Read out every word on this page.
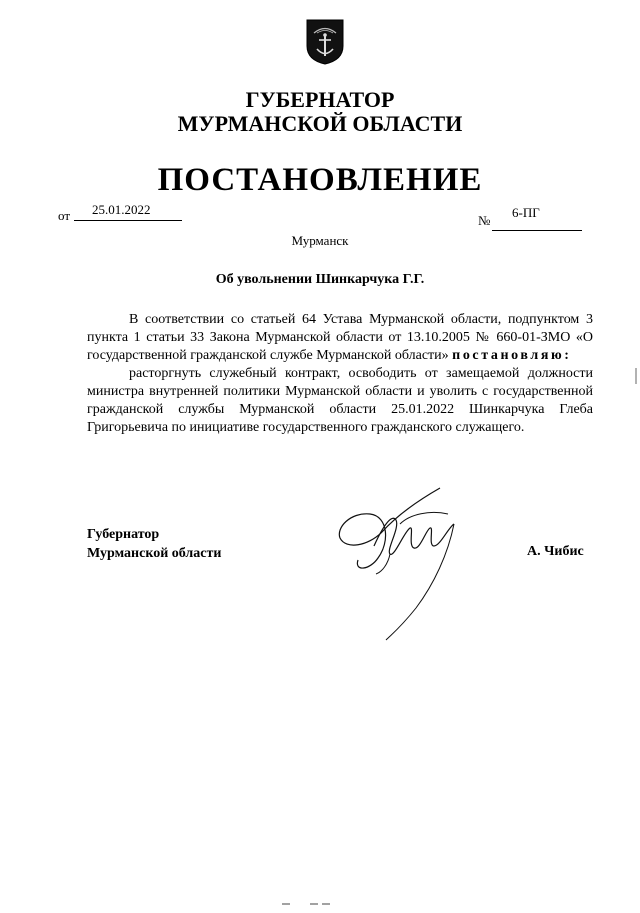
ГУБЕРНАТОР
МУРМАНСКОЙ ОБЛАСТИ
ПОСТАНОВЛЕНИЕ
от 25.01.2022
№
6-ПГ
Мурманск
Об увольнении Шинкарчука Г.Г.

В соответствии со статьей 64 Устава Мурманской области, подпунктом 3 пункта 1 статьи 33 Закона Мурманской области от 13.10.2005 № 660-01-ЗМО «О государственной гражданской службе Мурманской области» постановляю:

расторгнуть служебный контракт, освободить от замещаемой должности министра внутренней политики Мурманской области и уволить с государственной гражданской службы Мурманской области 25.01.2022 Шинкарчука Глеба Григорьевича по инициативе государственного гражданского служащего.

Губернатор
Мурманской области	А. Чибис
